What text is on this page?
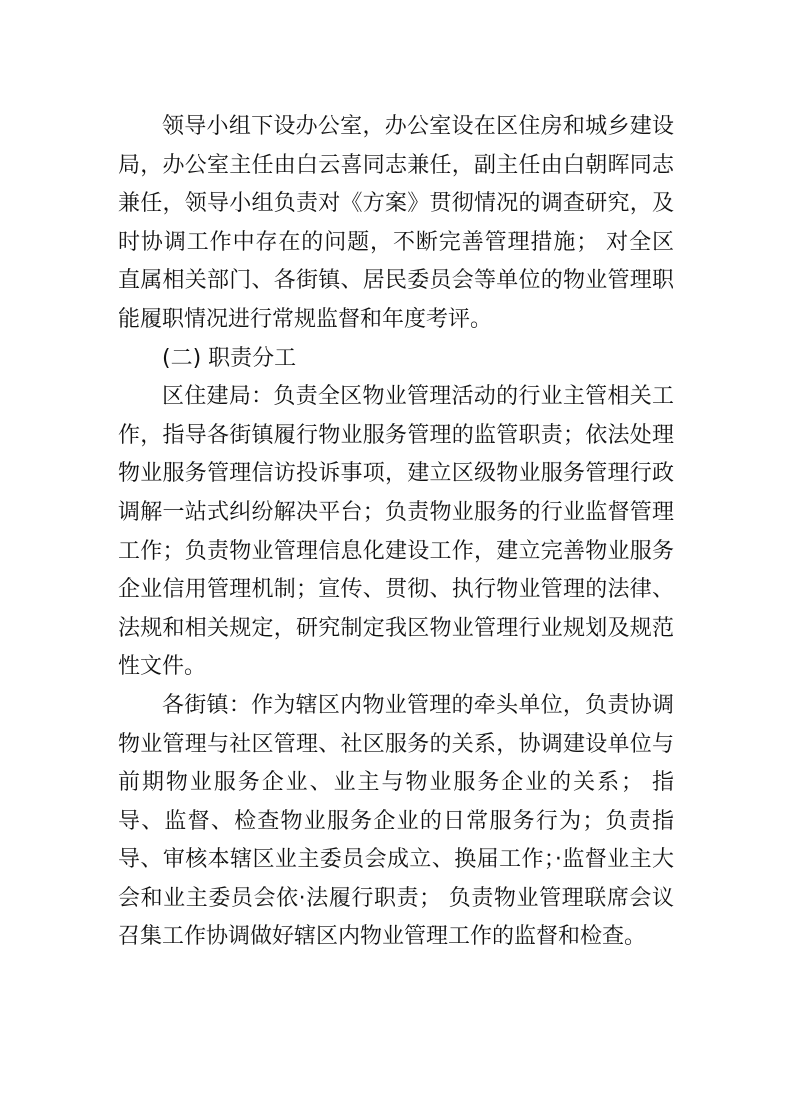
领导小组下设办公室，办公室设在区住房和城乡建设局，办公室主任由白云喜同志兼任，副主任由白朝晖同志兼任，领导小组负责对《方案》贯彻情况的调查研究，及时协调工作中存在的问题，不断完善管理措施； 对全区直属相关部门、各街镇、居民委员会等单位的物业管理职能履职情况进行常规监督和年度考评。

(二) 职责分工

区住建局：负责全区物业管理活动的行业主管相关工作，指导各街镇履行物业服务管理的监管职责；依法处理物业服务管理信访投诉事项，建立区级物业服务管理行政调解一站式纠纷解决平台；负责物业服务的行业监督管理工作；负责物业管理信息化建设工作，建立完善物业服务企业信用管理机制；宣传、贯彻、执行物业管理的法律、法规和相关规定，研究制定我区物业管理行业规划及规范性文件。

各街镇：作为辖区内物业管理的牵头单位，负责协调物业管理与社区管理、社区服务的关系，协调建设单位与前期物业服务企业、业主与物业服务企业的关系； 指导、监督、检查物业服务企业的日常服务行为；负责指导、审核本辖区业主委员会成立、换届工作；·监督业主大会和业主委员会依·法履行职责； 负责物业管理联席会议召集工作协调做好辖区内物业管理工作的监督和检查。
